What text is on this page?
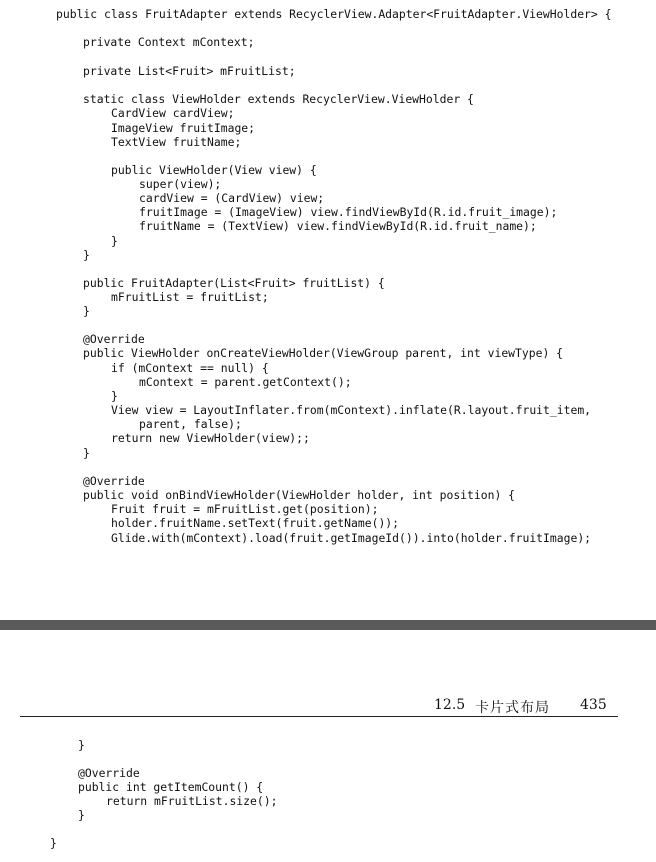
public class FruitAdapter extends RecyclerView.Adapter<FruitAdapter.ViewHolder> {
private Context mContext;
private List<Fruit> mFruitList;
static class ViewHolder extends RecyclerView.ViewHolder {
CardView cardView;
ImageView fruitImage;
TextView fruitName;
public ViewHolder(View view) {
super(view);
cardView = (CardView) view;
fruitImage = (ImageView) view.findViewById(R.id.fruit_image);
fruitName = (TextView) view.findViewById(R.id.fruit_name);
}
}
public FruitAdapter(List<Fruit> fruitList) {
mFruitList = fruitList;
}
@Override
public ViewHolder onCreateViewHolder(ViewGroup parent, int viewType) {
if (mContext == null) {
mContext = parent.getContext();
}
View view = LayoutInflater.from(mContext).inflate(R.layout.fruit_item,
parent, false);
return new ViewHolder(view);;
}
@Override
public void onBindViewHolder(ViewHolder holder, int position) {
Fruit fruit = mFruitList.get(position);
holder.fruitName.setText(fruit.getName());
Glide.with(mContext).load(fruit.getImageId()).into(holder.fruitImage);
12.5 卡片式布局 435
}
@Override
public int getItemCount() {
return mFruitList.size();
}
}
